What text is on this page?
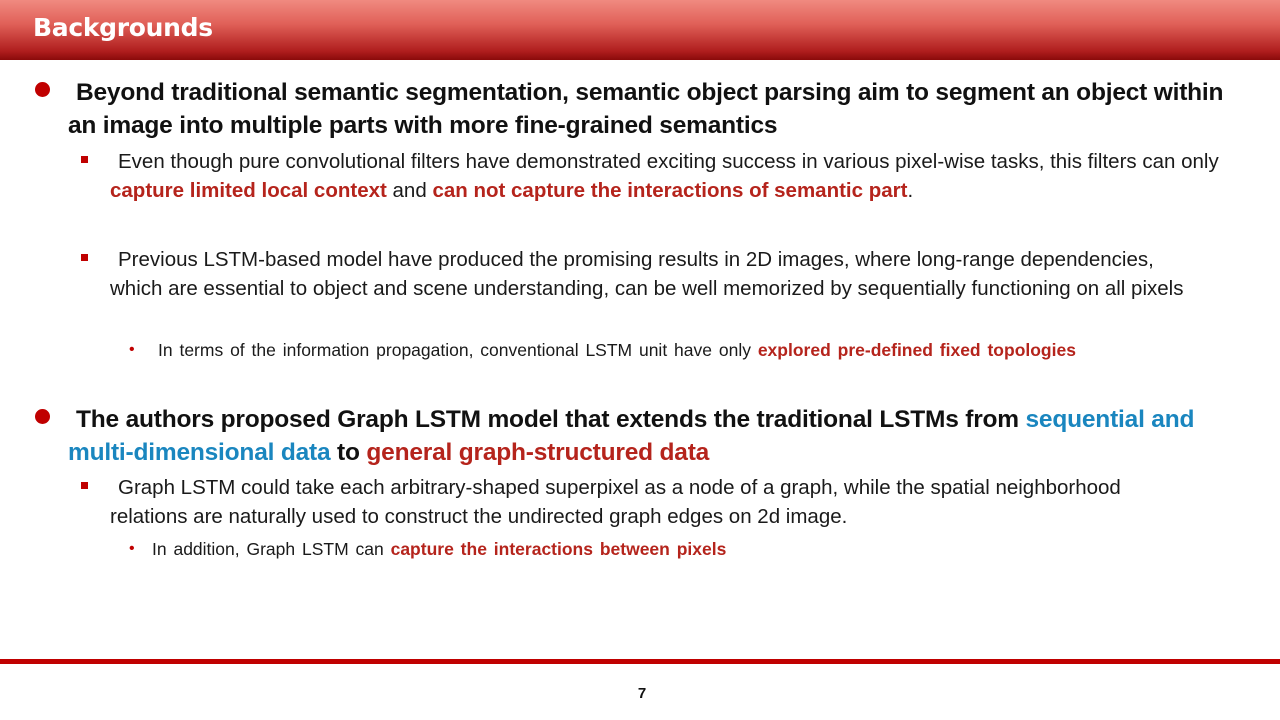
Backgrounds
Beyond traditional semantic segmentation, semantic object parsing aim to segment an object within an image into multiple parts with more fine-grained semantics
Even though pure convolutional filters have demonstrated exciting success in various pixel-wise tasks, this filters can only capture limited local context and can not capture the interactions of semantic part.
Previous LSTM-based model have produced the promising results in 2D images, where long-range dependencies, which are essential to object and scene understanding, can be well memorized by sequentially functioning on all pixels
• In terms of the information propagation, conventional LSTM unit have only explored pre-defined fixed topologies
The authors proposed Graph LSTM model that extends the traditional LSTMs from sequential and multi-dimensional data to general graph-structured data
Graph LSTM could take each arbitrary-shaped superpixel as a node of a graph, while the spatial neighborhood relations are naturally used to construct the undirected graph edges on 2d image.
• In addition, Graph LSTM can capture the interactions between pixels
7
